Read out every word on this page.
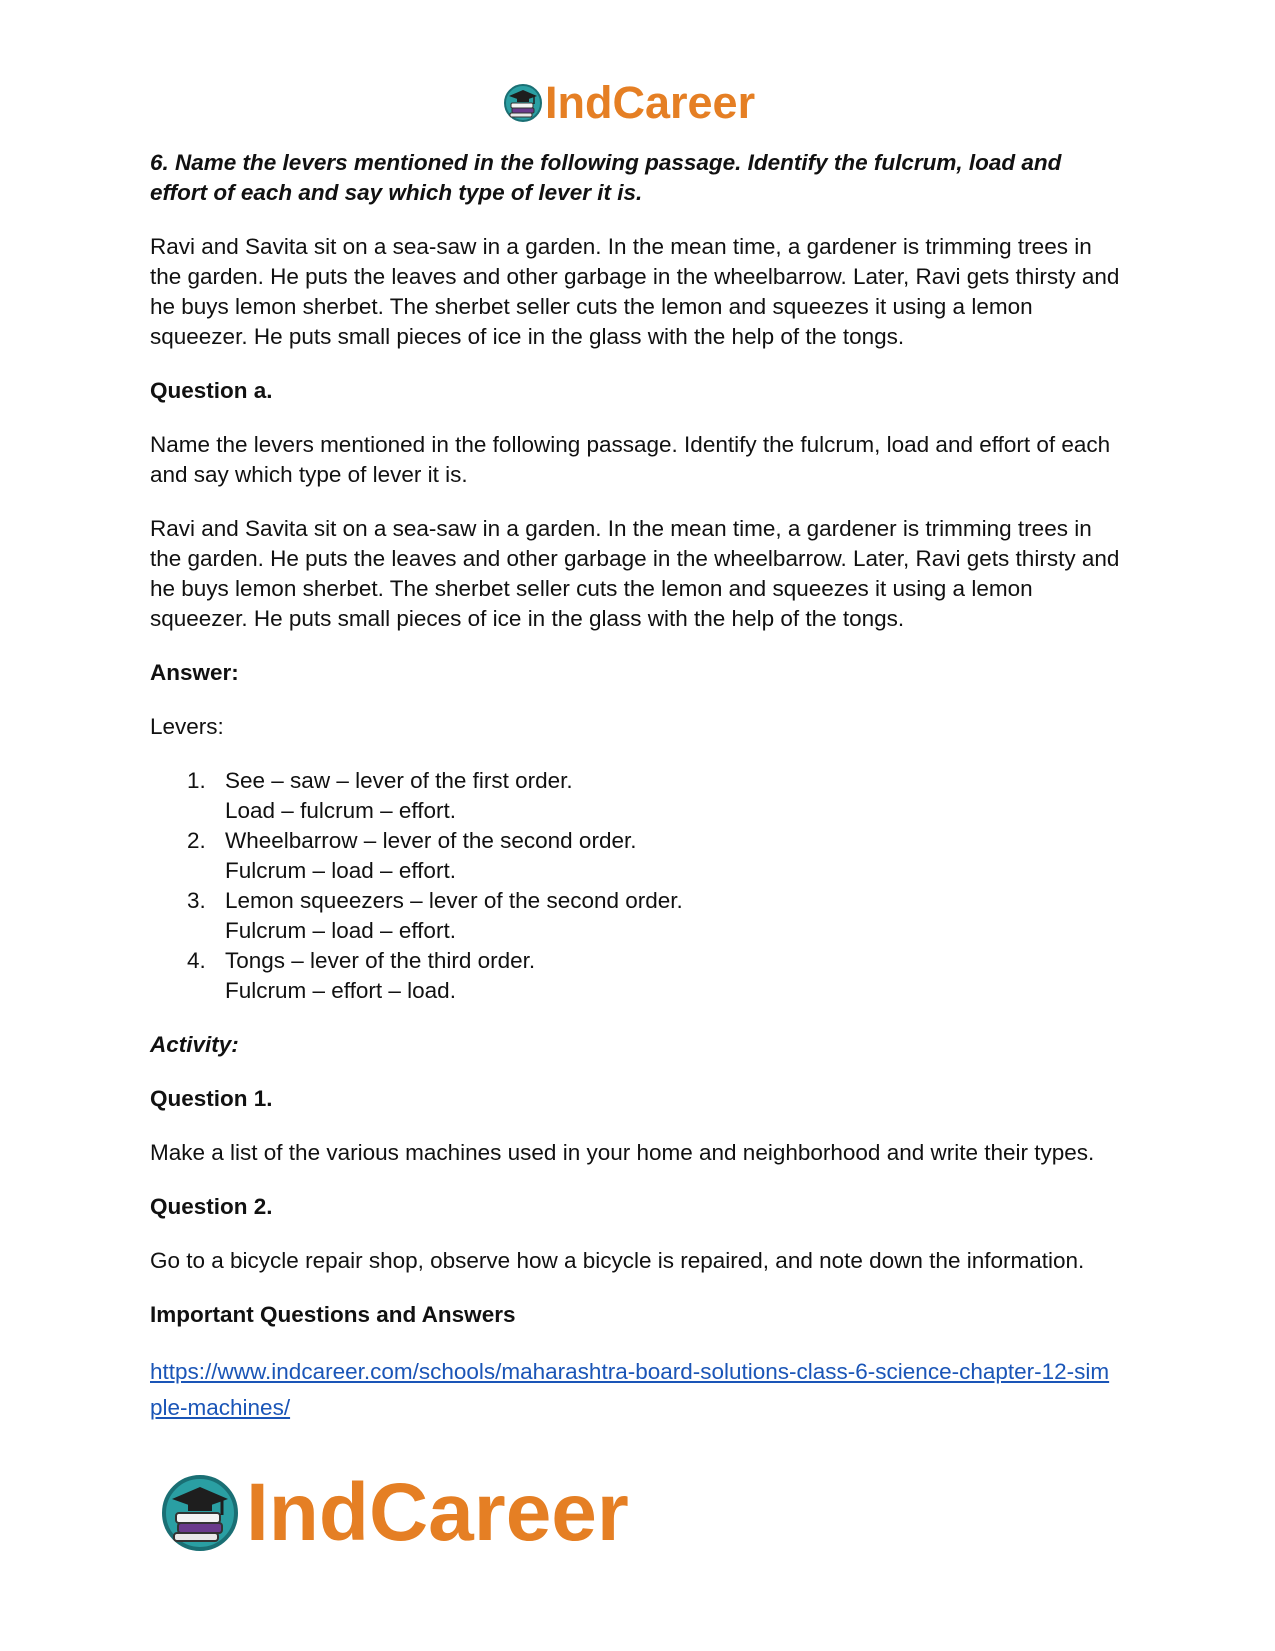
IndCareer

6. Name the levers mentioned in the following passage. Identify the fulcrum, load and effort of each and say which type of lever it is.

Ravi and Savita sit on a sea-saw in a garden. In the mean time, a gardener is trimming trees in the garden. He puts the leaves and other garbage in the wheelbarrow. Later, Ravi gets thirsty and he buys lemon sherbet. The sherbet seller cuts the lemon and squeezes it using a lemon squeezer. He puts small pieces of ice in the glass with the help of the tongs.

Question a.

Name the levers mentioned in the following passage. Identify the fulcrum, load and effort of each and say which type of lever it is.

Ravi and Savita sit on a sea-saw in a garden. In the mean time, a gardener is trimming trees in the garden. He puts the leaves and other garbage in the wheelbarrow. Later, Ravi gets thirsty and he buys lemon sherbet. The sherbet seller cuts the lemon and squeezes it using a lemon squeezer. He puts small pieces of ice in the glass with the help of the tongs.

Answer:

Levers:

1. See – saw – lever of the first order.
Load – fulcrum – effort.
2. Wheelbarrow – lever of the second order.
Fulcrum – load – effort.
3. Lemon squeezers – lever of the second order.
Fulcrum – load – effort.
4. Tongs – lever of the third order.
Fulcrum – effort – load.

Activity:

Question 1.

Make a list of the various machines used in your home and neighborhood and write their types.

Question 2.

Go to a bicycle repair shop, observe how a bicycle is repaired, and note down the information.

Important Questions and Answers

https://www.indcareer.com/schools/maharashtra-board-solutions-class-6-science-chapter-12-simple-machines/

IndCareer
